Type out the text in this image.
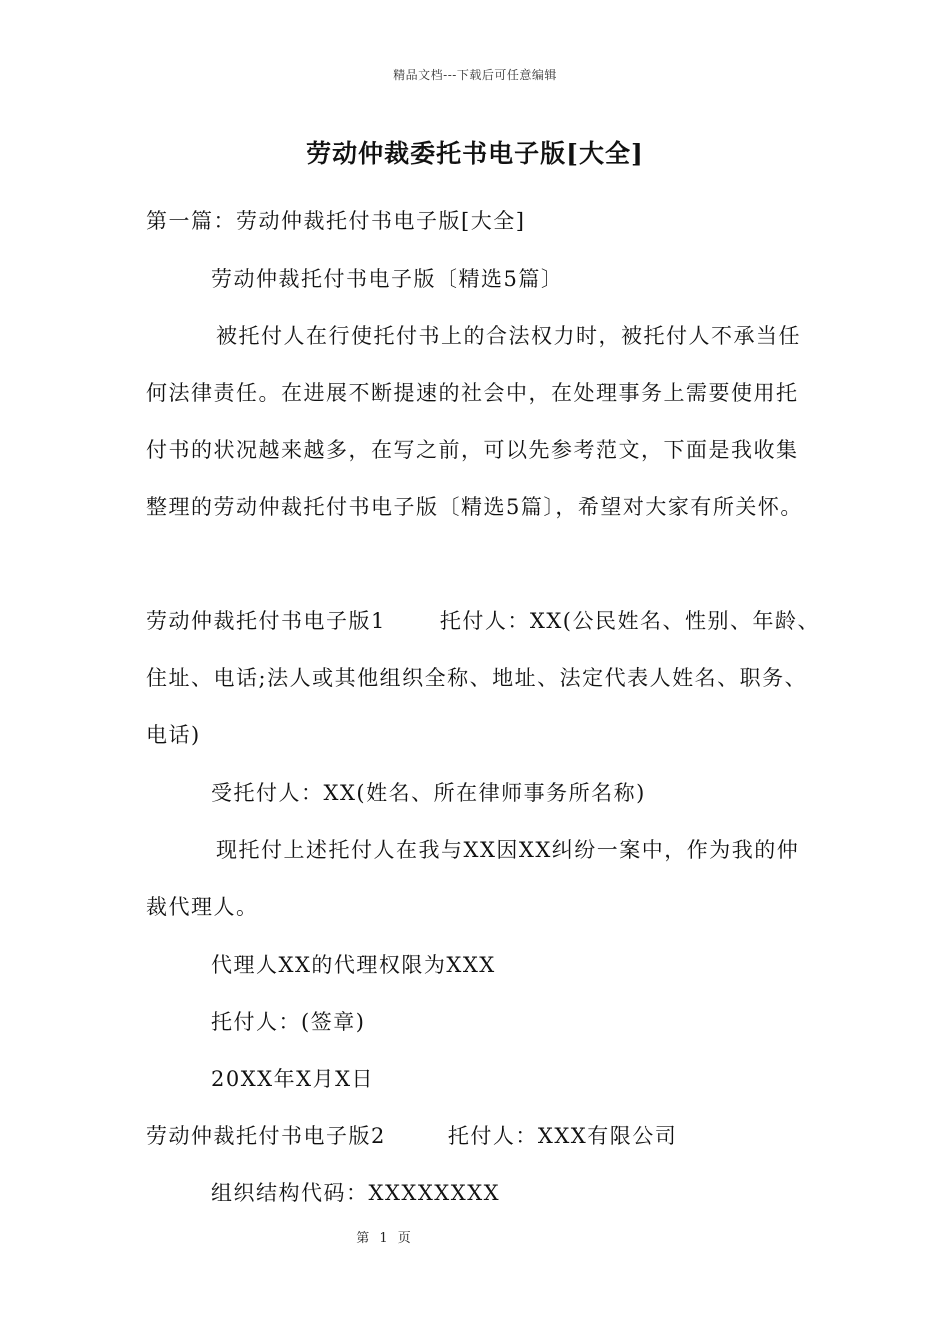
精品文档---下载后可任意编辑
劳动仲裁委托书电子版[大全]
第一篇：劳动仲裁托付书电子版[大全]
劳动仲裁托付书电子版〔精选5篇〕
被托付人在行使托付书上的合法权力时，被托付人不承当任
何法律责任。在进展不断提速的社会中，在处理事务上需要使用托
付书的状况越来越多，在写之前，可以先参考范文，下面是我收集
整理的劳动仲裁托付书电子版〔精选5篇〕，希望对大家有所关怀。
劳动仲裁托付书电子版1	托付人：XX(公民姓名、性别、年龄、
住址、电话;法人或其他组织全称、地址、法定代表人姓名、职务、
电话)
受托付人：XX(姓名、所在律师事务所名称)
现托付上述托付人在我与XX因XX纠纷一案中，作为我的仲
裁代理人。
代理人XX的代理权限为XXX
托付人：(签章)
20XX年X月X日
劳动仲裁托付书电子版2	托付人：XXX有限公司
组织结构代码：XXXXXXXX
第 1 页
